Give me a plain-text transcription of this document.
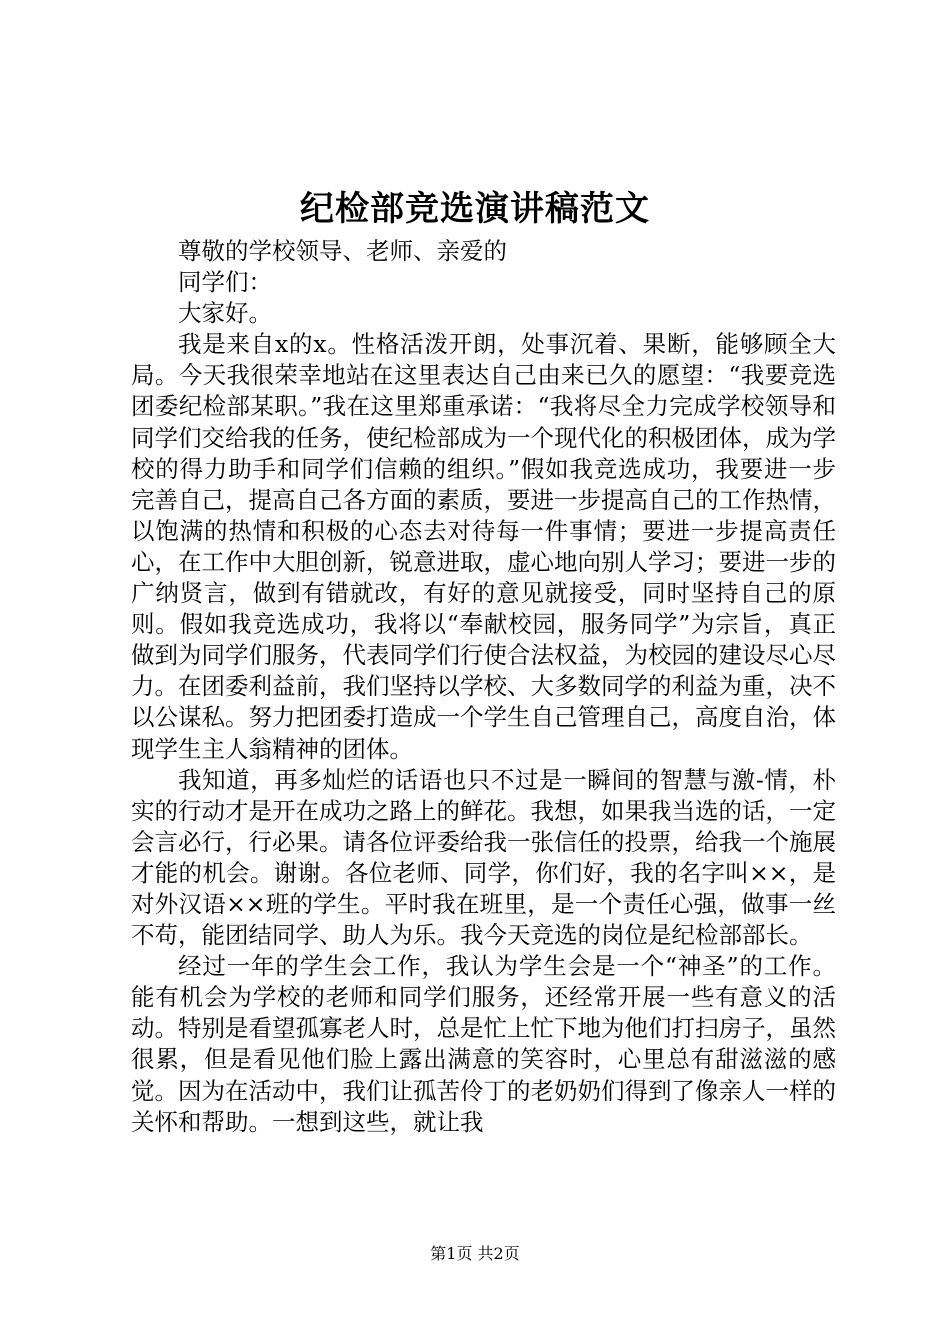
纪检部竞选演讲稿范文

尊敬的学校领导、老师、亲爱的

同学们：

大家好。

我是来自x的x。性格活泼开朗，处事沉着、果断，能够顾全大局。今天我很荣幸地站在这里表达自己由来已久的愿望：“我要竞选团委纪检部某职。”我在这里郑重承诺：“我将尽全力完成学校领导和同学们交给我的任务，使纪检部成为一个现代化的积极团体，成为学校的得力助手和同学们信赖的组织。”假如我竞选成功，我要进一步完善自己，提高自己各方面的素质，要进一步提高自己的工作热情，以饱满的热情和积极的心态去对待每一件事情；要进一步提高责任心，在工作中大胆创新，锐意进取，虚心地向别人学习；要进一步的广纳贤言，做到有错就改，有好的意见就接受，同时坚持自己的原则。假如我竞选成功，我将以“奉献校园，服务同学”为宗旨，真正做到为同学们服务，代表同学们行使合法权益，为校园的建设尽心尽力。在团委利益前，我们坚持以学校、大多数同学的利益为重，决不以公谋私。努力把团委打造成一个学生自己管理自己，高度自治，体现学生主人翁精神的团体。

我知道，再多灿烂的话语也只不过是一瞬间的智慧与激-情，朴实的行动才是开在成功之路上的鲜花。我想，如果我当选的话，一定会言必行，行必果。请各位评委给我一张信任的投票，给我一个施展才能的机会。谢谢。各位老师、同学，你们好，我的名字叫××，是对外汉语××班的学生。平时我在班里，是一个责任心强，做事一丝不苟，能团结同学、助人为乐。我今天竞选的岗位是纪检部部长。

经过一年的学生会工作，我认为学生会是一个“神圣”的工作。能有机会为学校的老师和同学们服务，还经常开展一些有意义的活动。特别是看望孤寡老人时，总是忙上忙下地为他们打扫房子，虽然很累，但是看见他们脸上露出满意的笑容时，心里总有甜滋滋的感觉。因为在活动中，我们让孤苦伶丁的老奶奶们得到了像亲人一样的关怀和帮助。一想到这些，就让我

第1页 共2页
